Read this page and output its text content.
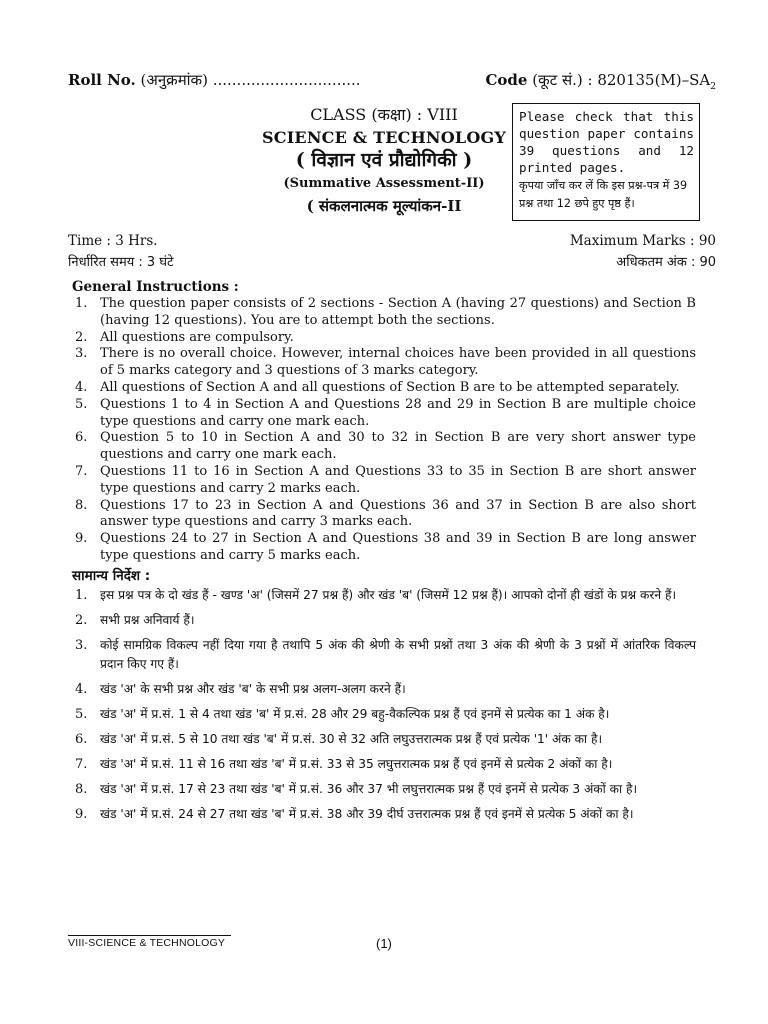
Roll No. (अनुक्रमांक) ...............................	Code (कूट सं.) : $820135(M)-SA_2$
CLASS (कक्षा) : VIII
SCIENCE & TECHNOLOGY
( विज्ञान एवं प्रौद्योगिकी )
(Summative Assessment-II)
( संकलनात्मक मूल्यांकन-II
Please check that this question paper contains 39 questions and 12 printed pages.
कृपया जाँच कर लें कि इस प्रश्न-पत्र में 39 प्रश्न तथा 12 छपे हुए पृष्ठ हैं।
Time : 3 Hrs.
निर्धारित समय : 3 घंटे
Maximum Marks : 90
अधिकतम अंक : 90
General Instructions :
1. The question paper consists of 2 sections - Section A (having 27 questions) and Section B (having 12 questions). You are to attempt both the sections.
2. All questions are compulsory.
3. There is no overall choice. However, internal choices have been provided in all questions of 5 marks category and 3 questions of 3 marks category.
4. All questions of Section A and all questions of Section B are to be attempted separately.
5. Questions 1 to 4 in Section A and Questions 28 and 29 in Section B are multiple choice type questions and carry one mark each.
6. Question 5 to 10 in Section A and 30 to 32 in Section B are very short answer type questions and carry one mark each.
7. Questions 11 to 16 in Section A and Questions 33 to 35 in Section B are short answer type questions and carry 2 marks each.
8. Questions 17 to 23 in Section A and Questions 36 and 37 in Section B are also short answer type questions and carry 3 marks each.
9. Questions 24 to 27 in Section A and Questions 38 and 39 in Section B are long answer type questions and carry 5 marks each.
सामान्य निर्देश :
1. इस प्रश्न पत्र के दो खंड हैं - खण्ड 'अ' (जिसमें 27 प्रश्न हैं) और खंड 'ब' (जिसमें 12 प्रश्न हैं)। आपको दोनों ही खंडों के प्रश्न करने हैं।
2. सभी प्रश्न अनिवार्य हैं।
3. कोई सामग्रिक विकल्प नहीं दिया गया है तथापि 5 अंक की श्रेणी के सभी प्रश्नों तथा 3 अंक की श्रेणी के 3 प्रश्नों में आंतरिक विकल्प प्रदान किए गए हैं।
4. खंड 'अ' के सभी प्रश्न और खंड 'ब' के सभी प्रश्न अलग-अलग करने हैं।
5. खंड 'अ' में प्र.सं. 1 से 4 तथा खंड 'ब' में प्र.सं. 28 और 29 बहु-वैकल्पिक प्रश्न हैं एवं इनमें से प्रत्येक का 1 अंक है।
6. खंड 'अ' में प्र.सं. 5 से 10 तथा खंड 'ब' में प्र.सं. 30 से 32 अति लघुउत्तरात्मक प्रश्न हैं एवं प्रत्येक '1' अंक का है।
7. खंड 'अ' में प्र.सं. 11 से 16 तथा खंड 'ब' में प्र.सं. 33 से 35 लघुत्तरात्मक प्रश्न हैं एवं इनमें से प्रत्येक 2 अंकों का है।
8. खंड 'अ' में प्र.सं. 17 से 23 तथा खंड 'ब' में प्र.सं. 36 और 37 भी लघुत्तरात्मक प्रश्न हैं एवं इनमें से प्रत्येक 3 अंकों का है।
9. खंड 'अ' में प्र.सं. 24 से 27 तथा खंड 'ब' में प्र.सं. 38 और 39 दीर्घ उत्तरात्मक प्रश्न हैं एवं इनमें से प्रत्येक 5 अंकों का है।
VIII-SCIENCE & TECHNOLOGY	(1)
